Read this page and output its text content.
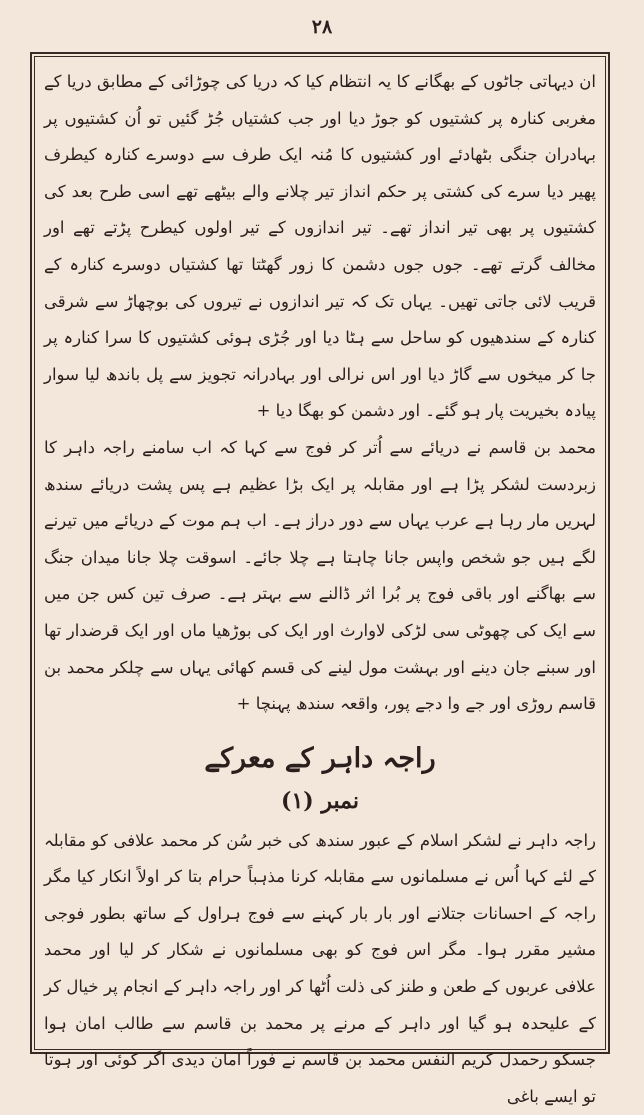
۲۸

ان دیہاتی جاٹوں کے بھگانے کا یہ انتظام کیا کہ دریا کی چوڑائی کے مطابق دریا کے مغربی کنارہ پر کشتیوں کو جوڑ دیا اور جب کشتیاں جُڑ گئیں تو اُن کشتیوں پر بہادران جنگی بٹھادئے اور کشتیوں کا مُنہ ایک طرف سے دوسرے کنارہ کیطرف پھیر دیا سرے کی کشتی پر حکم انداز تیر چلانے والے بیٹھے تھے اسی طرح بعد کی کشتیوں پر بھی تیر انداز تھے۔ تیر اندازوں کے تیر اولوں کیطرح پڑتے تھے اور مخالف گرتے تھے۔ جوں جوں دشمن کا زور گھٹتا تھا کشتیاں دوسرے کنارہ کے قریب لائی جاتی تھیں۔ یہاں تک کہ تیر اندازوں نے تیروں کی بوچھاڑ سے شرقی کنارہ کے سندھیوں کو ساحل سے ہٹا دیا اور جُڑی ہوئی کشتیوں کا سرا کنارہ پر جا کر میخوں سے گاڑ دیا اور اس نرالی اور بہادرانہ تجویز سے پل باندھ لیا سوار پیادہ بخیریت پار ہو گئے۔ اور دشمن کو بھگا دیا +

محمد بن قاسم نے دریائے سے اُتر کر فوج سے کہا کہ اب سامنے راجہ داہر کا زبردست لشکر پڑا ہے اور مقابلہ پر ایک بڑا عظیم ہے پس پشت دریائے سندھ لہریں مار رہا ہے عرب یہاں سے دور دراز ہے۔ اب ہم موت کے دریائے میں تیرنے لگے ہیں جو شخص واپس جانا چاہتا ہے چلا جائے۔ اسوقت چلا جانا میدان جنگ سے بھاگنے اور باقی فوج پر بُرا اثر ڈالنے سے بہتر ہے۔ صرف تین کس جن میں سے ایک کی چھوٹی سی لڑکی لاوارث اور ایک کی بوڑھیا ماں اور ایک قرضدار تھا اور سبنے جان دینے اور بہشت مول لینے کی قسم کھائی یہاں سے چلکر محمد بن قاسم روڑی اور جے وا دجے پور، واقعہ سندھ پہنچا +

راجہ داہر کے معرکے
نمبر (۱)

راجہ داہر نے لشکر اسلام کے عبور سندھ کی خبر سُن کر محمد علافی کو مقابلہ کے لئے کہا اُس نے مسلمانوں سے مقابلہ کرنا مذہباً حرام بتا کر اولاً انکار کیا مگر راجہ کے احسانات جتلانے اور بار بار کہنے سے فوج ہراول کے ساتھ بطور فوجی مشیر مقرر ہوا۔ مگر اس فوج کو بھی مسلمانوں نے شکار کر لیا اور محمد علافی عربوں کے طعن و طنز کی ذلت اُٹھا کر اور راجہ داہر کے انجام پر خیال کر کے علیحدہ ہو گیا اور داہر کے مرنے پر محمد بن قاسم سے طالب امان ہوا جسکو رحمدل کریم النفس محمد بن قاسم نے فوراً امان دیدی اگر کوئی اور ہوتا تو ایسے باغی
